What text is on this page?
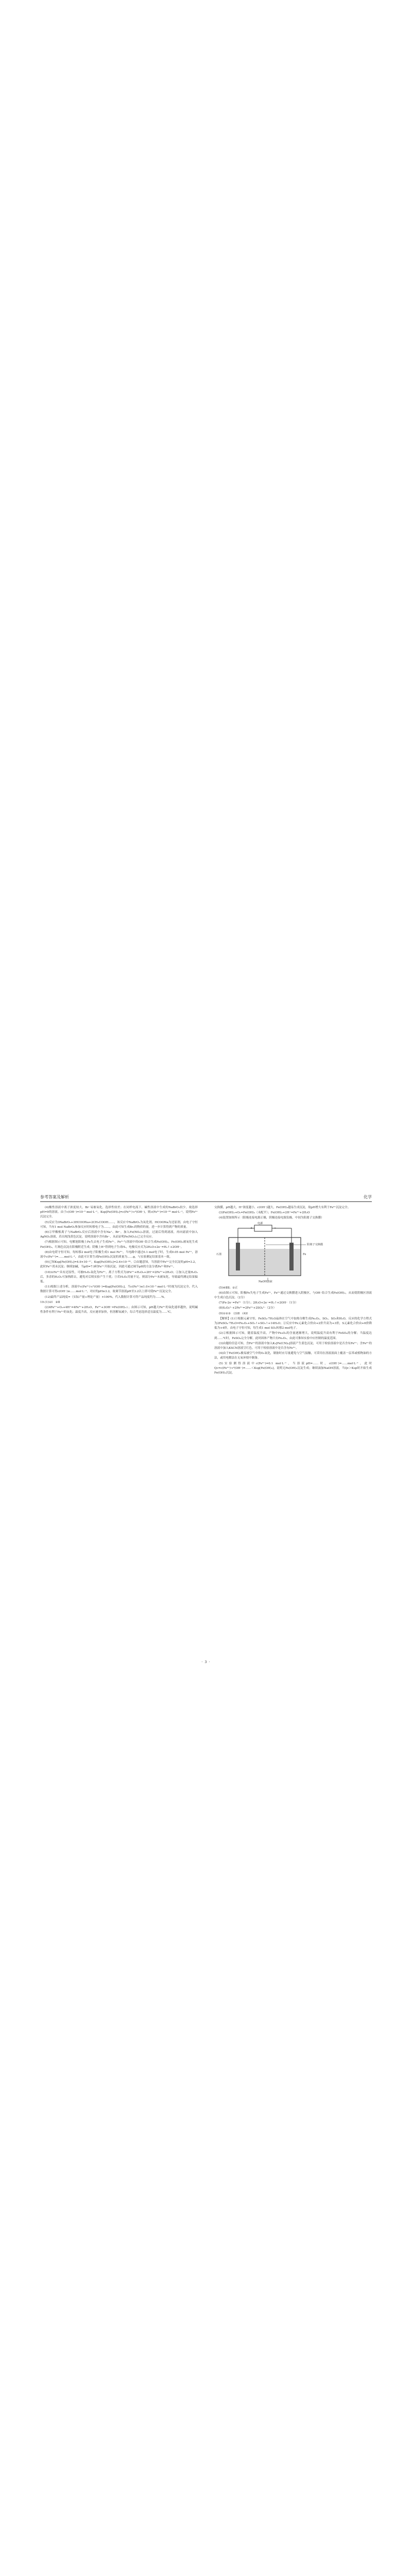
参考答案及解析	化学

(4)酸性溶液中离子浓度较大，Br⁻易被氧化，选择性较差；在同样电流下，碱性溶液中生成的NaBrO₃较少，故选择pH=9的溶液。由于c(OH⁻)=10⁻⁵ mol·L⁻¹，Ksp[Fe(OH)₃]=c(Fe³⁺)·c³(OH⁻)，则c(Fe³⁺)=10⁻²³ mol·L⁻¹，说明Fe³⁺沉淀完全。

(5)反应为3NaBrO₃+3HCOONa+2CH₃COOH……，该反应中NaBrO₃为氧化剂，HCOONa为还原剂，由电子守恒可知，当有1 mol NaBrO₃参加反应时转移电子为……，由此可知生成Br₂的物质的量，进一步计算得到产物的质量。

(6)②甲酸根离子与NaBrO₃反应后溶液中含有Na⁺、Br⁻，加入Fe(NO₃)₃溶液，过滤后得到滤液，再向滤液中加入AgNO₃溶液，若出现浅黄色沉淀，说明溶液中含有Br⁻，从而证明Fe(NO₃)₃已完全反应。

(7)根据图示可知，电解池阳极上Fe失去电子生成Fe²⁺，Fe²⁺与溶液中的OH⁻结合生成Fe(OH)₂，Fe(OH)₂被氧化生成Fe(OH)₃，红褐色沉淀在阳极附近生成；阴极上H⁺得到电子生成H₂，电极反应式为2H₂O+2e⁻=H₂↑+2OH⁻。

(8)由电荷守恒可知，每转移2 mol电子阳极生成1 mol Fe²⁺，当电路中通过0.1 mol电子时，生成0.05 mol Fe²⁺，溶液中c(Fe²⁺)=……mol·L⁻¹，由此可计算生成Fe(OH)₃沉淀的质量为……g，与实验测定结果基本一致。

(9)已知Ksp[Fe(OH)₂]=4.9×10⁻¹⁷，Ksp[Fe(OH)₃]=2.6×10⁻³⁹。②由题意知，当溶液中Fe³⁺完全沉淀时pH=3.2，此时Fe²⁺尚未沉淀；继续加碱，当pH=7.9时Fe²⁺开始沉淀，因此可通过调节pH的方法分离Fe³⁺和Fe²⁺。

(10)①Fe²⁺具有还原性，可被H₂O₂氧化为Fe³⁺，离子方程式为2Fe²⁺+H₂O₂+2H⁺=2Fe³⁺+2H₂O；②加入过量H₂O₂后，多余的H₂O₂可加热除去，避免对后续实验产生干扰；③若H₂O₂用量不足，则部分Fe²⁺未被氧化，导致最终测定结果偏低。

(11)根据上述分析，溶液中c(Fe³⁺)·c³(OH⁻)=Ksp[Fe(OH)₃]，当c(Fe³⁺)≤1.0×10⁻⁵ mol·L⁻¹时视为沉淀完全，代入数据计算可得c(OH⁻)≥……mol·L⁻¹，对应的pH≥3.2，故调节溶液pH至3.2以上即可使Fe³⁺沉淀完全。

(12)最终产品纯度=（实际产量÷理论产量）×100%，代入数据计算可得产品纯度约为……%。

19.(1)①Ⅰ　②Ⅱ

(2)4Fe²⁺+O₂+4H⁺=4Fe³⁺+2H₂O，Fe³⁺+3OH⁻=Fe(OH)₃↓；由图示可知，pH越大Fe²⁺的氧化速率越快，说明碱性条件有利于Fe²⁺的氧化；温度升高，反应速率加快，但溶解氧减少，综合考虑选择适宜温度为……℃。

交换膜，pH越大，H⁺浓度越小，c(OH⁻)越大，Fe(OH)₃越易生成沉淀，故pH增大有利于Fe³⁺沉淀完全。

(3)Fe(OH)₂+O₂=Fe(OH)₃（未配平）；Fe(OH)₂+2H⁺=Fe²⁺+2H₂O

(4)装置如图所示（阳极连接电源正极，阴极连接电源负极，中间为阳离子交换膜）

电源
+	−
石墨
阳离子交换膜
Fe
NaOH溶液

(5)④ⅡⅡ；②正

(6)由图示可知，阳极Fe失电子生成Fe²⁺，Fe²⁺通过交换膜进入阴极区，与OH⁻结合生成Fe(OH)₂，从而使阴极区溶液中生成白色沉淀。（2分）

(7)Fe-2e⁻=Fe²⁺（1分）；2H₂O+2e⁻=H₂↑+2OH⁻（1分）

(8)S₂O₈²⁻+2Fe²⁺=2Fe³⁺+2SO₄²⁻（2分）

(9)①②③　(3)Ⅱ　(4)Ⅰ

【解析】(1)①根据元素守恒，FeSO₄·7H₂O晶体在空气中加热分解生成Fe₂O₃、SO₂、SO₃和H₂O，反应的化学方程式为2FeSO₄·7H₂O=Fe₂O₃+SO₂↑+SO₃↑+14H₂O；②反应中Fe元素化合价由+2价升高为+3价，S元素化合价由+6价降低为+4价，由电子守恒可知，每生成1 mol SO₂转移2 mol电子。

(2)②根据图示可知，随着温度升高，产物中Fe₂O₃的含量逐渐增大，说明温度升高有利于FeSO₄的分解；当温度达到……℃时，FeSO₄完全分解，此时固体产物只有Fe₂O₃。由此可推知实验中应控制的温度范围。

(3)由题给信息可知，含Fe²⁺的溶液中加入K₃[Fe(CN)₆]溶液产生蓝色沉淀，可用于检验溶液中是否含有Fe²⁺；含Fe³⁺的溶液中加入KSCN溶液呈红色，可用于检验溶液中是否含有Fe³⁺。

(4)由于Fe(OH)₂极易被空气中的O₂氧化，制备时应尽量避免与空气接触，可采用在溶液液面上覆盖一层苯或植物油的方法，或用电解法在无氧环境中制备。

(5)实验测得溶液中c(Fe²⁺)=0.1 mol·L⁻¹，当溶液pH=……时，c(OH⁻)=……mol·L⁻¹，此时Qc=c(Fe²⁺)·c²(OH⁻)=……＜Ksp[Fe(OH)₂]，说明无Fe(OH)₂沉淀生成；继续滴加NaOH溶液，当Qc＞Ksp时开始生成Fe(OH)₂沉淀。

· 3 ·
